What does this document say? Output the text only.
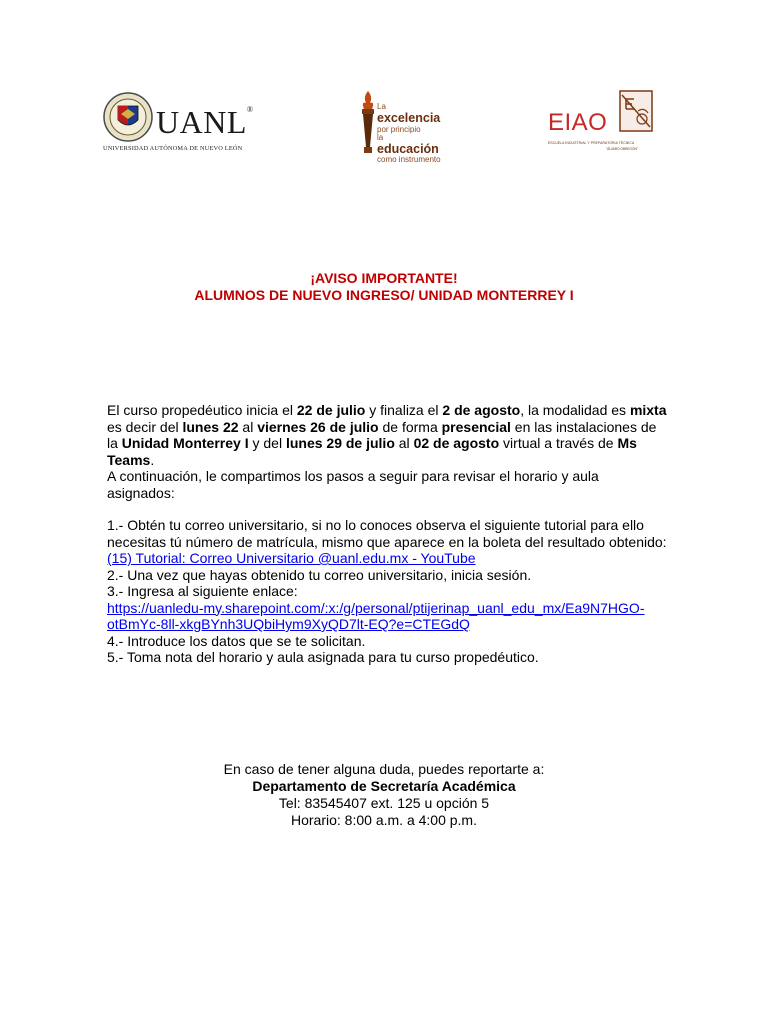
UANL®
UNIVERSIDAD AUTÓNOMA DE NUEVO LEÓN
La
excelencia
por principio
la
educación
como instrumento
EIAO
ESCUELA INDUSTRIAL Y PREPARATORIA TÉCNICA
"ÁLVARO OBREGÓN"
¡AVISO IMPORTANTE!
ALUMNOS DE NUEVO INGRESO/ UNIDAD MONTERREY I

El curso propedéutico inicia el 22 de julio y finaliza el 2 de agosto, la modalidad es mixta es decir del lunes 22 al viernes 26 de julio de forma presencial en las instalaciones de la Unidad Monterrey I y del lunes 29 de julio al 02 de agosto virtual a través de Ms Teams.

A continuación, le compartimos los pasos a seguir para revisar el horario y aula asignados:

1.- Obtén tu correo universitario, si no lo conoces observa el siguiente tutorial para ello
necesitas tú número de matrícula, mismo que aparece en la boleta del resultado obtenido:
(15) Tutorial: Correo Universitario @uanl.edu.mx - YouTube
2.- Una vez que hayas obtenido tu correo universitario, inicia sesión.
3.- Ingresa al siguiente enlace:
https://uanledu-my.sharepoint.com/:x:/g/personal/ptijerinap_uanl_edu_mx/Ea9N7HGO-
otBmYc-8ll-xkgBYnh3UQbiHym9XyQD7lt-EQ?e=CTEGdQ
4.- Introduce los datos que se te solicitan.
5.- Toma nota del horario y aula asignada para tu curso propedéutico.
En caso de tener alguna duda, puedes reportarte a:
Departamento de Secretaría Académica
Tel: 83545407 ext. 125 u opción 5
Horario: 8:00 a.m. a 4:00 p.m.
